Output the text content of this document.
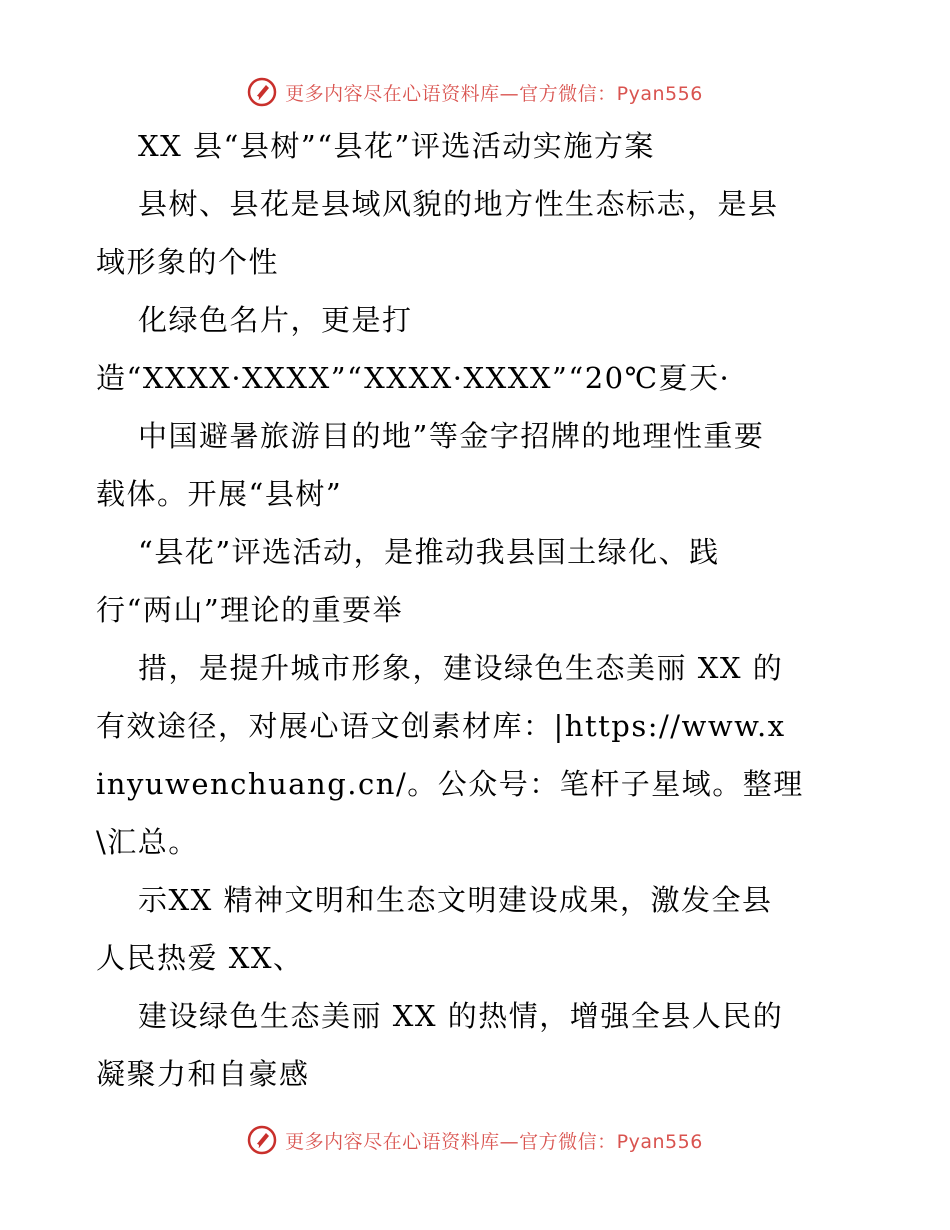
更多内容尽在心语资料库—官方微信：Pyan556
XX 县“县树”“县花”评选活动实施方案
县树、县花是县域风貌的地方性生态标志，是县
域形象的个性
化绿色名片，更是打
造“XXXX·XXXX”“XXXX·XXXX”“20℃夏天·
中国避暑旅游目的地”等金字招牌的地理性重要
载体。开展“县树”
“县花”评选活动，是推动我县国土绿化、践
行“两山”理论的重要举
措，是提升城市形象，建设绿色生态美丽 XX 的
有效途径，对展心语文创素材库：|https://www.x
inyuwenchuang.cn/。公众号：笔杆子星域。整理
\汇总。
示XX 精神文明和生态文明建设成果，激发全县
人民热爱 XX、
建设绿色生态美丽 XX 的热情，增强全县人民的
凝聚力和自豪感
更多内容尽在心语资料库—官方微信：Pyan556
